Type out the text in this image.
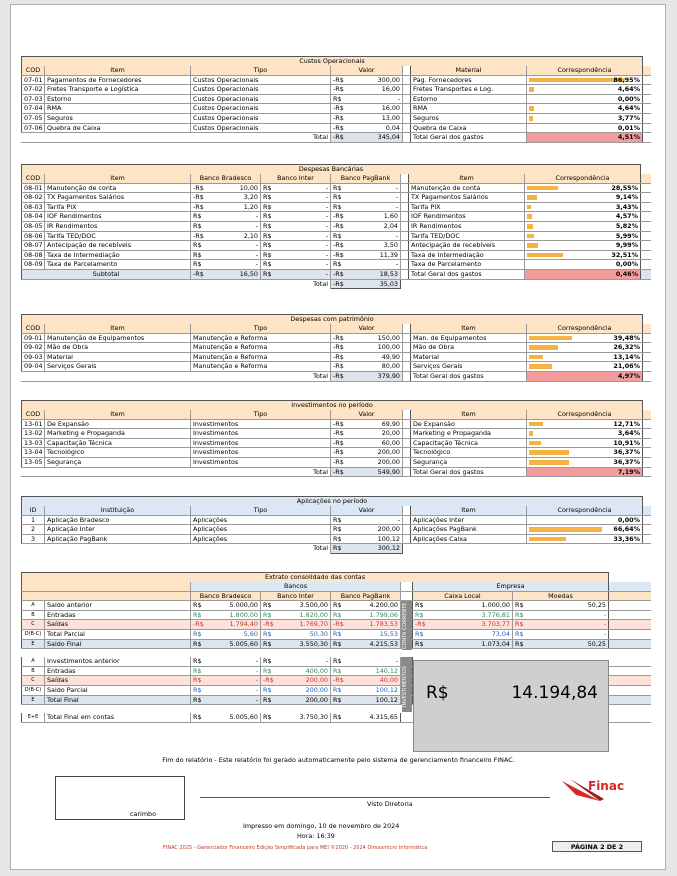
Custos Operacionais
COD	Item	Tipo	Valor	Material	Correspondência
07-01 Pagamentos de Fornecedores	Custos Operacionais	-R$	300,00	Pag. Fornecedores	86,95%
07-02 Fretes Transporte e Logística	Custos Operacionais	-R$	16,00	Fretes Transportes e Log.	4,64%
07-03 Estorno	Custos Operacionais	R$	-	Estorno	0,00%
07-04 RMA	Custos Operacionais	-R$	16,00	RMA	4,64%
07-05 Seguros	Custos Operacionais	-R$	13,00	Seguros	3,77%
07-06 Quebra de Caixa	Custos Operacionais	-R$	0,04	Quebra de Caixa	0,01%
Total -R$	345,04	Total Geral dos gastos	4,51%
Despesas Bancárias
COD	Item	Banco Bradesco	Banco Inter	Banco PagBank	Item	Correspondência
08-01 Manutenção de conta	-R$	10,00 R$	- R$	-	Manutenção de conta	28,55%
08-02 TX Pagamentos Salários	-R$	3,20 R$	- R$	-	TX Pagamentos Salários	9,14%
08-03 Tarifa PIX	-R$	1,20 R$	- R$	-	Tarifa PIX	3,43%
08-04 IOF Rendimentos	R$	- R$	- -R$	1,60	IOF Rendimentos	4,57%
08-05 IR Rendimentos	R$	- R$	- -R$	2,04	IR Rendimentos	5,82%
08-06 Tarifa TED/DOC	-R$	2,10 R$	- R$	-	Tarifa TED/DOC	5,99%
08-07 Antecipação de recebíveis	R$	- R$	- -R$	3,50	Antecipação de recebíveis	9,99%
08-08 Taxa de Intermediação	R$	- R$	- -R$	11,39	Taxa de Intermediação	32,51%
08-09 Taxa de Parcelamento	R$	- R$	- R$	-	Taxa de Parcelamento	0,00%
Subtotal	-R$	16,50 R$	- -R$	18,53	Total Geral dos gastos	0,46%
Total -R$	35,03
Despesas com patrimônio
COD	Item	Tipo	Valor	Item	Correspondência
09-01 Manutenção de Equipamentos	Manutenção e Reforma	-R$	150,00	Man. de Equipamentos	39,48%
09-02 Mão de Obra	Manutenção e Reforma	-R$	100,00	Mão de Obra	26,32%
09-03 Material	Manutenção e Reforma	-R$	49,90	Material	13,14%
09-04 Serviços Gerais	Manutenção e Reforma	-R$	80,00	Serviços Gerais	21,06%
Total -R$	379,90	Total Geral dos gastos	4,97%
Investimentos no período
COD	Item	Tipo	Valor	Item	Correspondência
13-01 De Expansão	Investimentos	-R$	69,90	De Expansão	12,71%
13-02 Marketing e Propaganda	Investimentos	-R$	20,00	Marketing e Propaganda	3,64%
13-03 Capacitação Técnica	Investimentos	-R$	60,00	Capacitação Técnica	10,91%
13-04 Tecnológico	Investimentos	-R$	200,00	Tecnológico	36,37%
13-05 Segurança	Investimentos	-R$	200,00	Segurança	36,37%
Total -R$	549,90	Total Geral dos gastos	7,19%
Aplicações no período
ID	Instituição	Tipo	Valor	Item	Correspondência
1	Aplicação Bradesco	Aplicações	R$	-	Aplicações Inter	0,00%
2	Aplicação Inter	Aplicações	R$	200,00	Aplicações PagBank	66,64%
3	Aplicação PagBank	Aplicações	R$	100,12	Aplicações Caixa	33,36%
Total R$	300,12
Extrato consolidado das contas
Bancos	Empresa
Banco Bradesco	Banco Inter	Banco PagBank	Caixa Local	Moedas
A	Saldo anterior	R$	5.000,00 R$	3.500,00 R$	4.200,00	R$	1.000,00 R$	50,25
B	Entradas	R$	1.800,00 R$	1.820,00 R$	1.799,06	R$	3.776,81 R$	-
C	Saídas	-R$	1.794,40 -R$	1.769,70 -R$	1.783,53	-R$	3.703,77 R$	-
D(B-C) Total Parcial	R$	5,60 R$	50,30 R$	15,53	R$	73,04 R$	-
E	Saldo Final	R$	5.005,60 R$	3.550,30 R$	4.215,53	R$	1.073,04 R$	50,25
A	Investimentos anterior	R$	- R$	- R$	-
B	Entradas	R$	- R$	400,00 R$	140,12
C	Saídas	R$	- -R$	200,00 -R$	40,00
D(B-C) Saldo Parcial	R$	- R$	200,00 R$	100,12
E	Total Final	R$	- R$	200,00 R$	100,12
E+E	Total Final em contas	R$	5.005,60 R$	3.750,30 R$	4.315,65
CONTA CORRENTE
INVESTIMENTOS R$	14.194,84
Fim do relatório - Este relatório foi gerado automaticamente pelo sistema de gerenciamento financeiro FINAC.
carimbo
Visto Diretoria
Impresso em domingo, 10 de novembro de 2024
Hora: 16:39
FINAC 2025 - Gerenciador Financeiro Edição Simplificada para MEI ©2020 - 2024 Dimasmicro Informática	PÁGINA 2 DE 2
Finac
